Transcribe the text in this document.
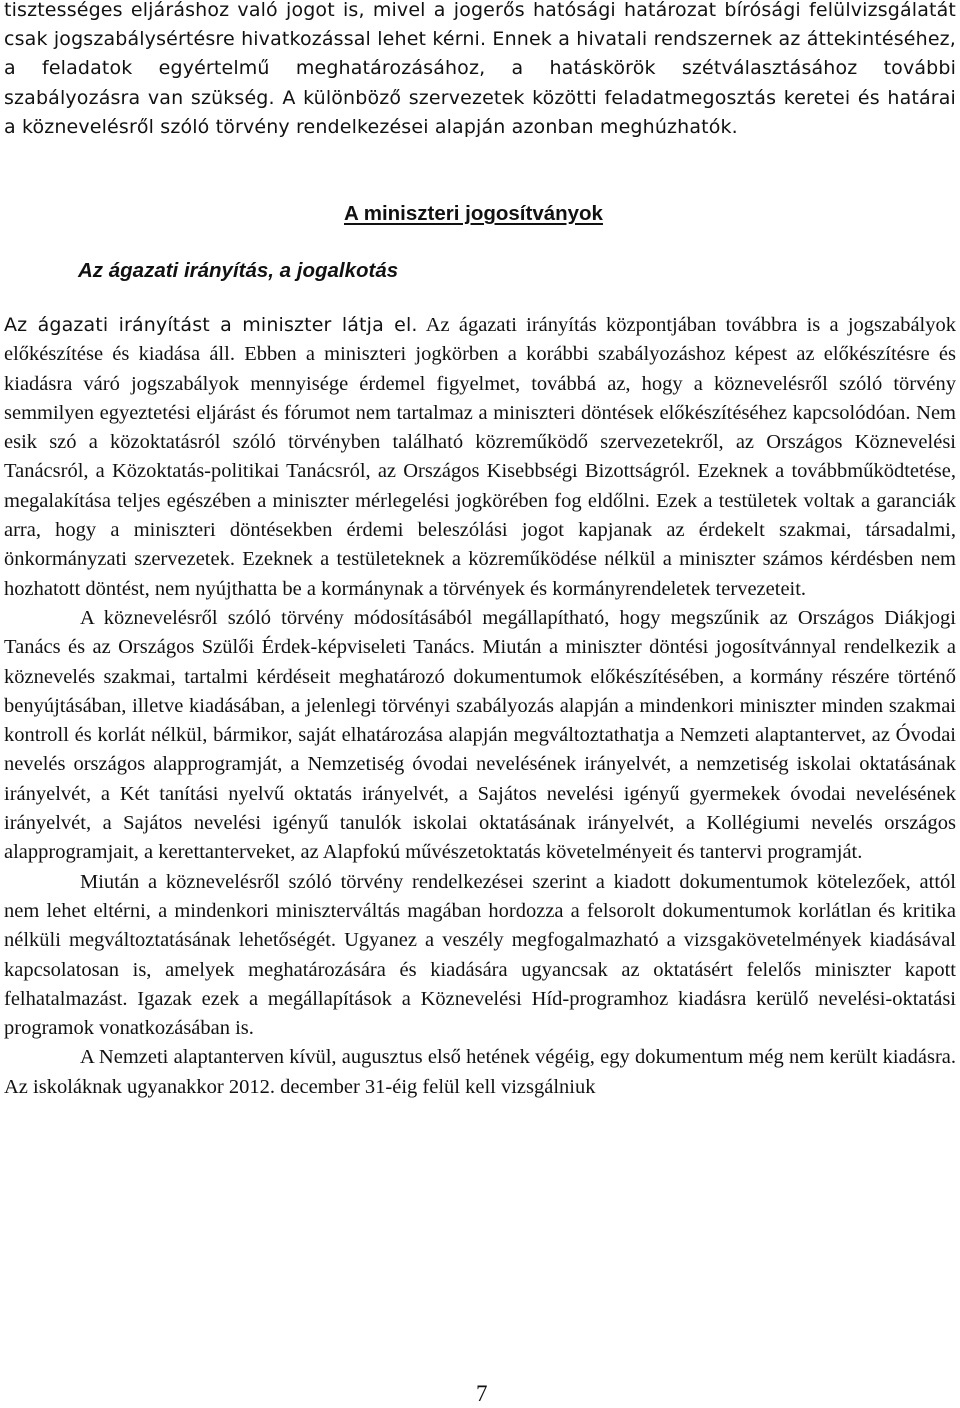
tisztességes eljáráshoz való jogot is, mivel a jogerős hatósági határozat bírósági felülvizsgálatát csak jogszabálysértésre hivatkozással lehet kérni. Ennek a hivatali rendszernek az áttekintéséhez, a feladatok egyértelmű meghatározásához, a hatáskörök szétválasztásához további szabályozásra van szükség. A különböző szervezetek közötti feladatmegosztás keretei és határai a köznevelésről szóló törvény rendelkezései alapján azonban meghúzhatók.

A miniszteri jogosítványok
Az ágazati irányítás, a jogalkotás

Az ágazati irányítást a miniszter látja el. Az ágazati irányítás központjában továbbra is a jogszabályok előkészítése és kiadása áll. Ebben a miniszteri jogkörben a korábbi szabályozáshoz képest az előkészítésre és kiadásra váró jogszabályok mennyisége érdemel figyelmet, továbbá az, hogy a köznevelésről szóló törvény semmilyen egyeztetési eljárást és fórumot nem tartalmaz a miniszteri döntések előkészítéséhez kapcsolódóan. Nem esik szó a közoktatásról szóló törvényben található közreműködő szervezetekről, az Országos Köznevelési Tanácsról, a Közoktatás-politikai Tanácsról, az Országos Kisebbségi Bizottságról. Ezeknek a továbbműködtetése, megalakítása teljes egészében a miniszter mérlegelési jogkörében fog eldőlni. Ezek a testületek voltak a garanciák arra, hogy a miniszteri döntésekben érdemi beleszólási jogot kapjanak az érdekelt szakmai, társadalmi, önkormányzati szervezetek. Ezeknek a testületeknek a közreműködése nélkül a miniszter számos kérdésben nem hozhatott döntést, nem nyújthatta be a kormánynak a törvények és kormányrendeletek tervezeteit.

A köznevelésről szóló törvény módosításából megállapítható, hogy megszűnik az Országos Diákjogi Tanács és az Országos Szülői Érdek-képviseleti Tanács. Miután a miniszter döntési jogosítvánnyal rendelkezik a köznevelés szakmai, tartalmi kérdéseit meghatározó dokumentumok előkészítésében, a kormány részére történő benyújtásában, illetve kiadásában, a jelenlegi törvényi szabályozás alapján a mindenkori miniszter minden szakmai kontroll és korlát nélkül, bármikor, saját elhatározása alapján megváltoztathatja a Nemzeti alaptantervet, az Óvodai nevelés országos alapprogramját, a Nemzetiség óvodai nevelésének irányelvét, a nemzetiség iskolai oktatásának irányelvét, a Két tanítási nyelvű oktatás irányelvét, a Sajátos nevelési igényű gyermekek óvodai nevelésének irányelvét, a Sajátos nevelési igényű tanulók iskolai oktatásának irányelvét, a Kollégiumi nevelés országos alapprogramjait, a kerettanterveket, az Alapfokú művészetoktatás követelményeit és tantervi programját.

Miután a köznevelésről szóló törvény rendelkezései szerint a kiadott dokumentumok kötelezőek, attól nem lehet eltérni, a mindenkori miniszterváltás magában hordozza a felsorolt dokumentumok korlátlan és kritika nélküli megváltoztatásának lehetőségét. Ugyanez a veszély megfogalmazható a vizsgakövetelmények kiadásával kapcsolatosan is, amelyek meghatározására és kiadására ugyancsak az oktatásért felelős miniszter kapott felhatalmazást. Igazak ezek a megállapítások a Köznevelési Híd-programhoz kiadásra kerülő nevelési-oktatási programok vonatkozásában is.

A Nemzeti alaptanterven kívül, augusztus első hetének végéig, egy dokumentum még nem került kiadásra. Az iskoláknak ugyanakkor 2012. december 31-éig felül kell vizsgálniuk

7
